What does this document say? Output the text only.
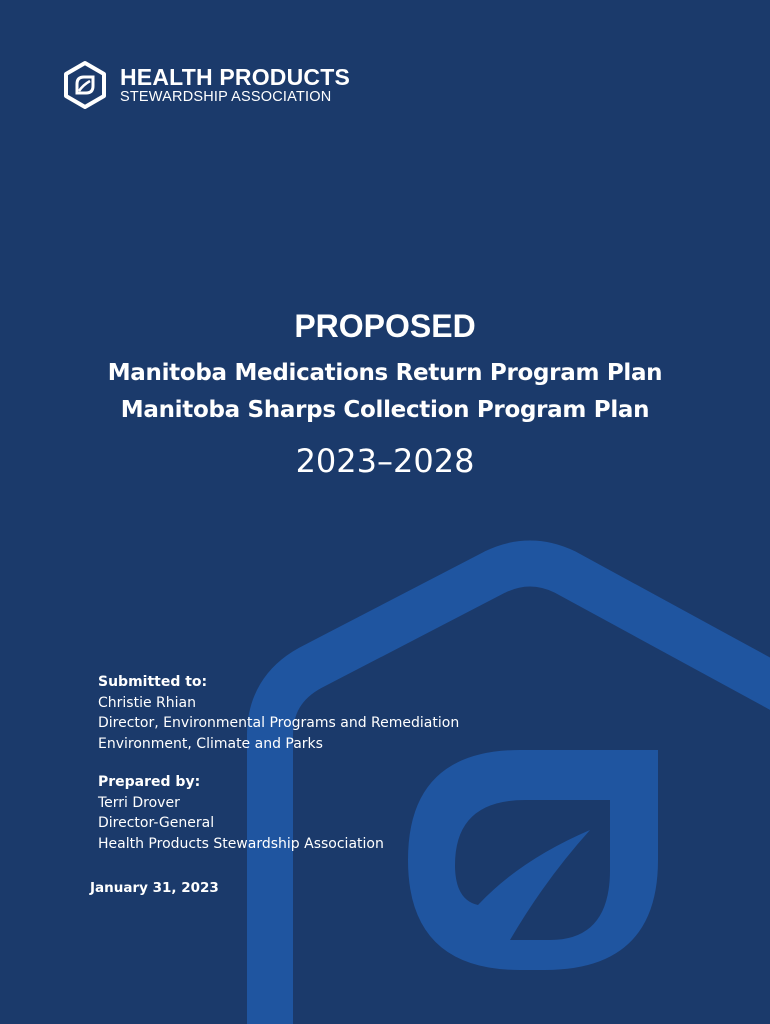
HEALTH PRODUCTS
STEWARDSHIP ASSOCIATION
PROPOSED
Manitoba Medications Return Program Plan
Manitoba Sharps Collection Program Plan
2023–2028
Submitted to:
Christie Rhian
Director, Environmental Programs and Remediation
Environment, Climate and Parks
Prepared by:
Terri Drover
Director-General
Health Products Stewardship Association
January 31, 2023
